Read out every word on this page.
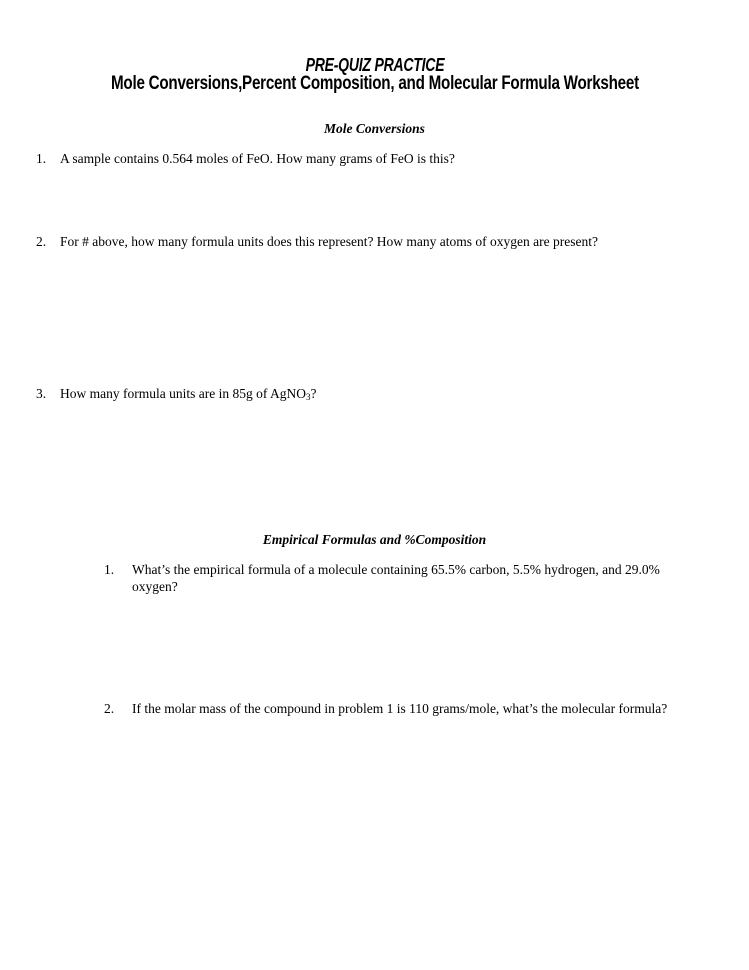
PRE-QUIZ PRACTICE
Mole Conversions,Percent Composition, and Molecular Formula Worksheet
Mole Conversions
1.	A sample contains 0.564 moles of FeO. How many grams of FeO is this?
2.	For # above, how many formula units does this represent? How many atoms of oxygen are present?
3.	How many formula units are in 85g of AgNO$_3$?
Empirical Formulas and %Composition
1.	What’s the empirical formula of a molecule containing 65.5% carbon, 5.5% hydrogen, and 29.0% oxygen?
2.	If the molar mass of the compound in problem 1 is 110 grams/mole, what’s the molecular formula?
